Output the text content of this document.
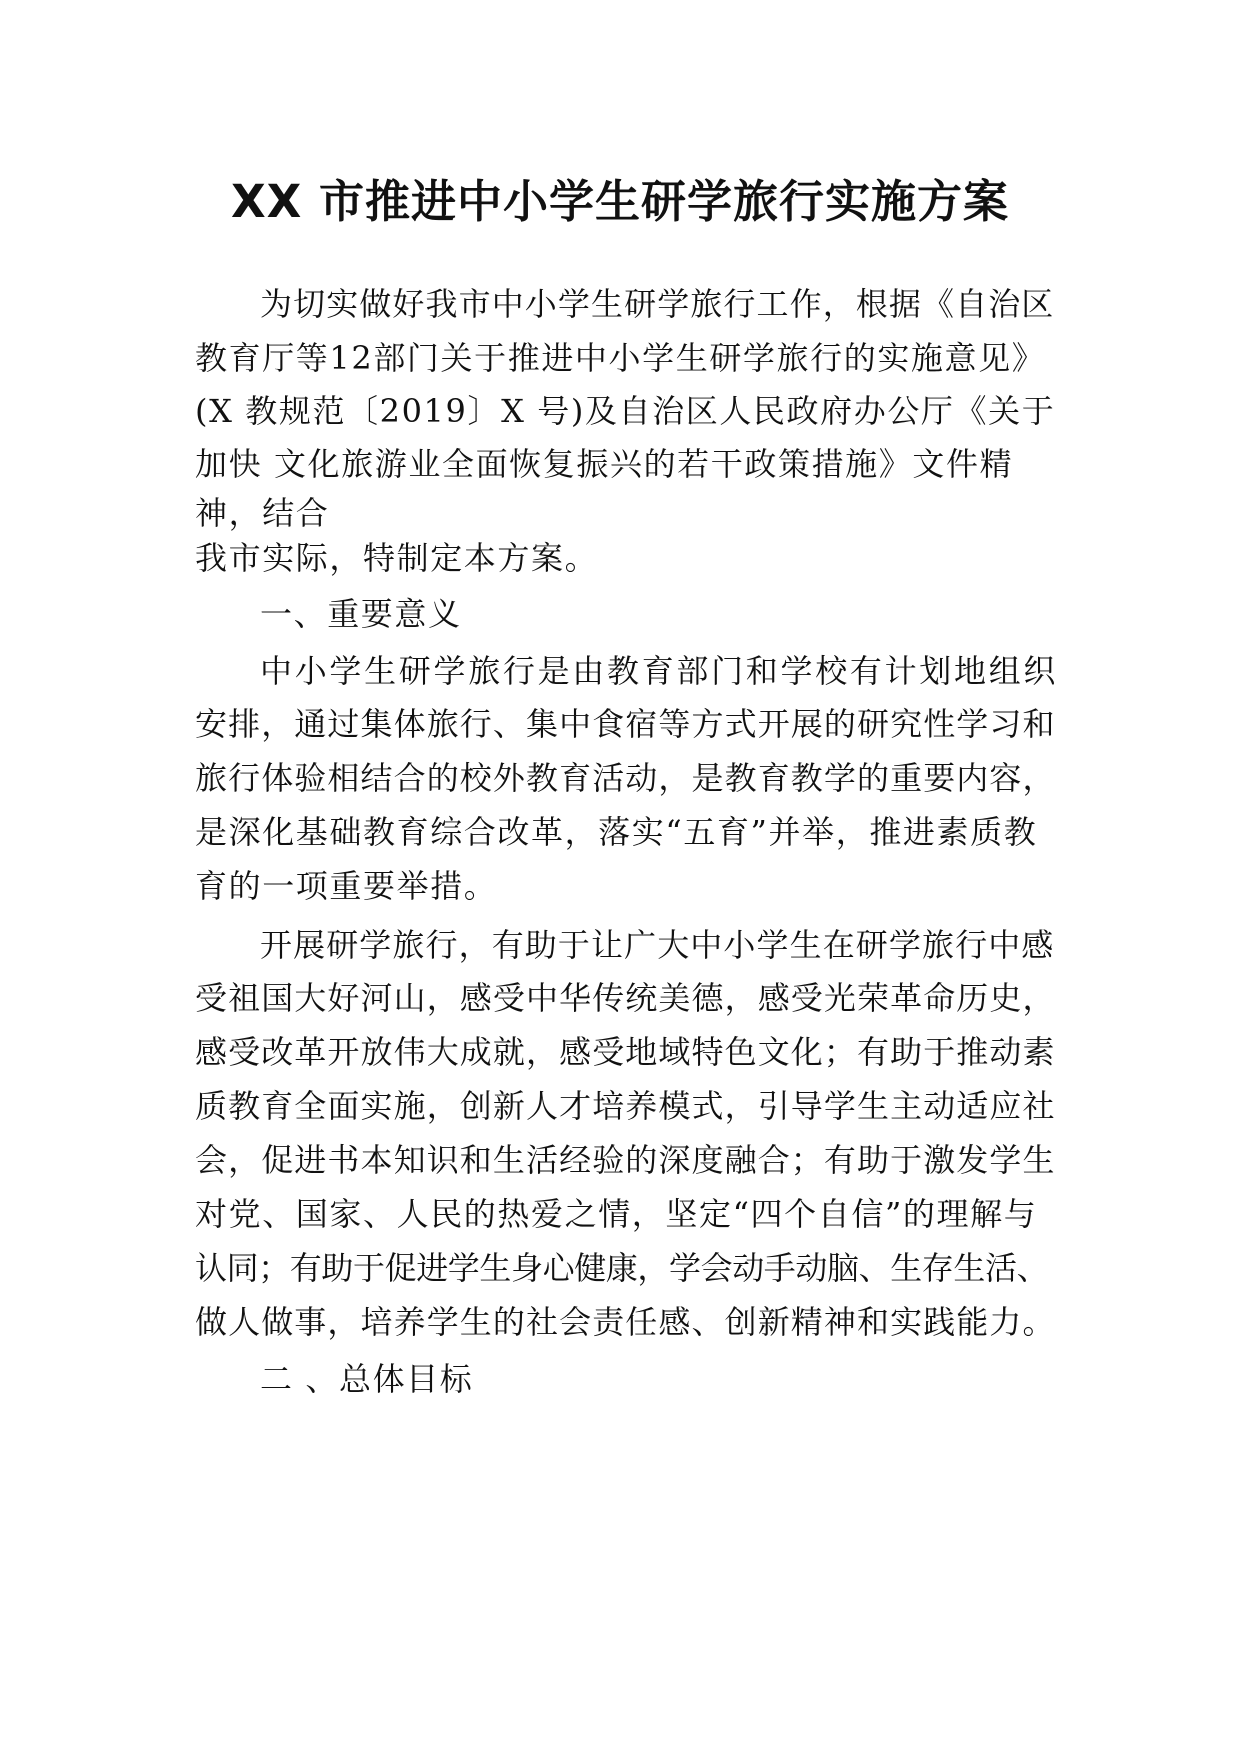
XX 市推进中小学生研学旅行实施方案
为切实做好我市中小学生研学旅行工作，根据《自治区
教育厅等12部门关于推进中小学生研学旅行的实施意见》
(X 教规范〔2019〕X 号)及自治区人民政府办公厅《关于
加快 文化旅游业全面恢复振兴的若干政策措施》文件精
神，结合
我市实际，特制定本方案。
一、重要意义
中小学生研学旅行是由教育部门和学校有计划地组织
安排，通过集体旅行、集中食宿等方式开展的研究性学习和
旅行体验相结合的校外教育活动，是教育教学的重要内容，
是深化基础教育综合改革，落实“五育”并举，推进素质教
育的一项重要举措。
开展研学旅行，有助于让广大中小学生在研学旅行中感
受祖国大好河山，感受中华传统美德，感受光荣革命历史，
感受改革开放伟大成就，感受地域特色文化；有助于推动素
质教育全面实施，创新人才培养模式，引导学生主动适应社
会，促进书本知识和生活经验的深度融合；有助于激发学生
对党、国家、人民的热爱之情，坚定“四个自信”的理解与
认同；有助于促进学生身心健康，学会动手动脑、生存生活、
做人做事，培养学生的社会责任感、创新精神和实践能力。
二 、总体目标
